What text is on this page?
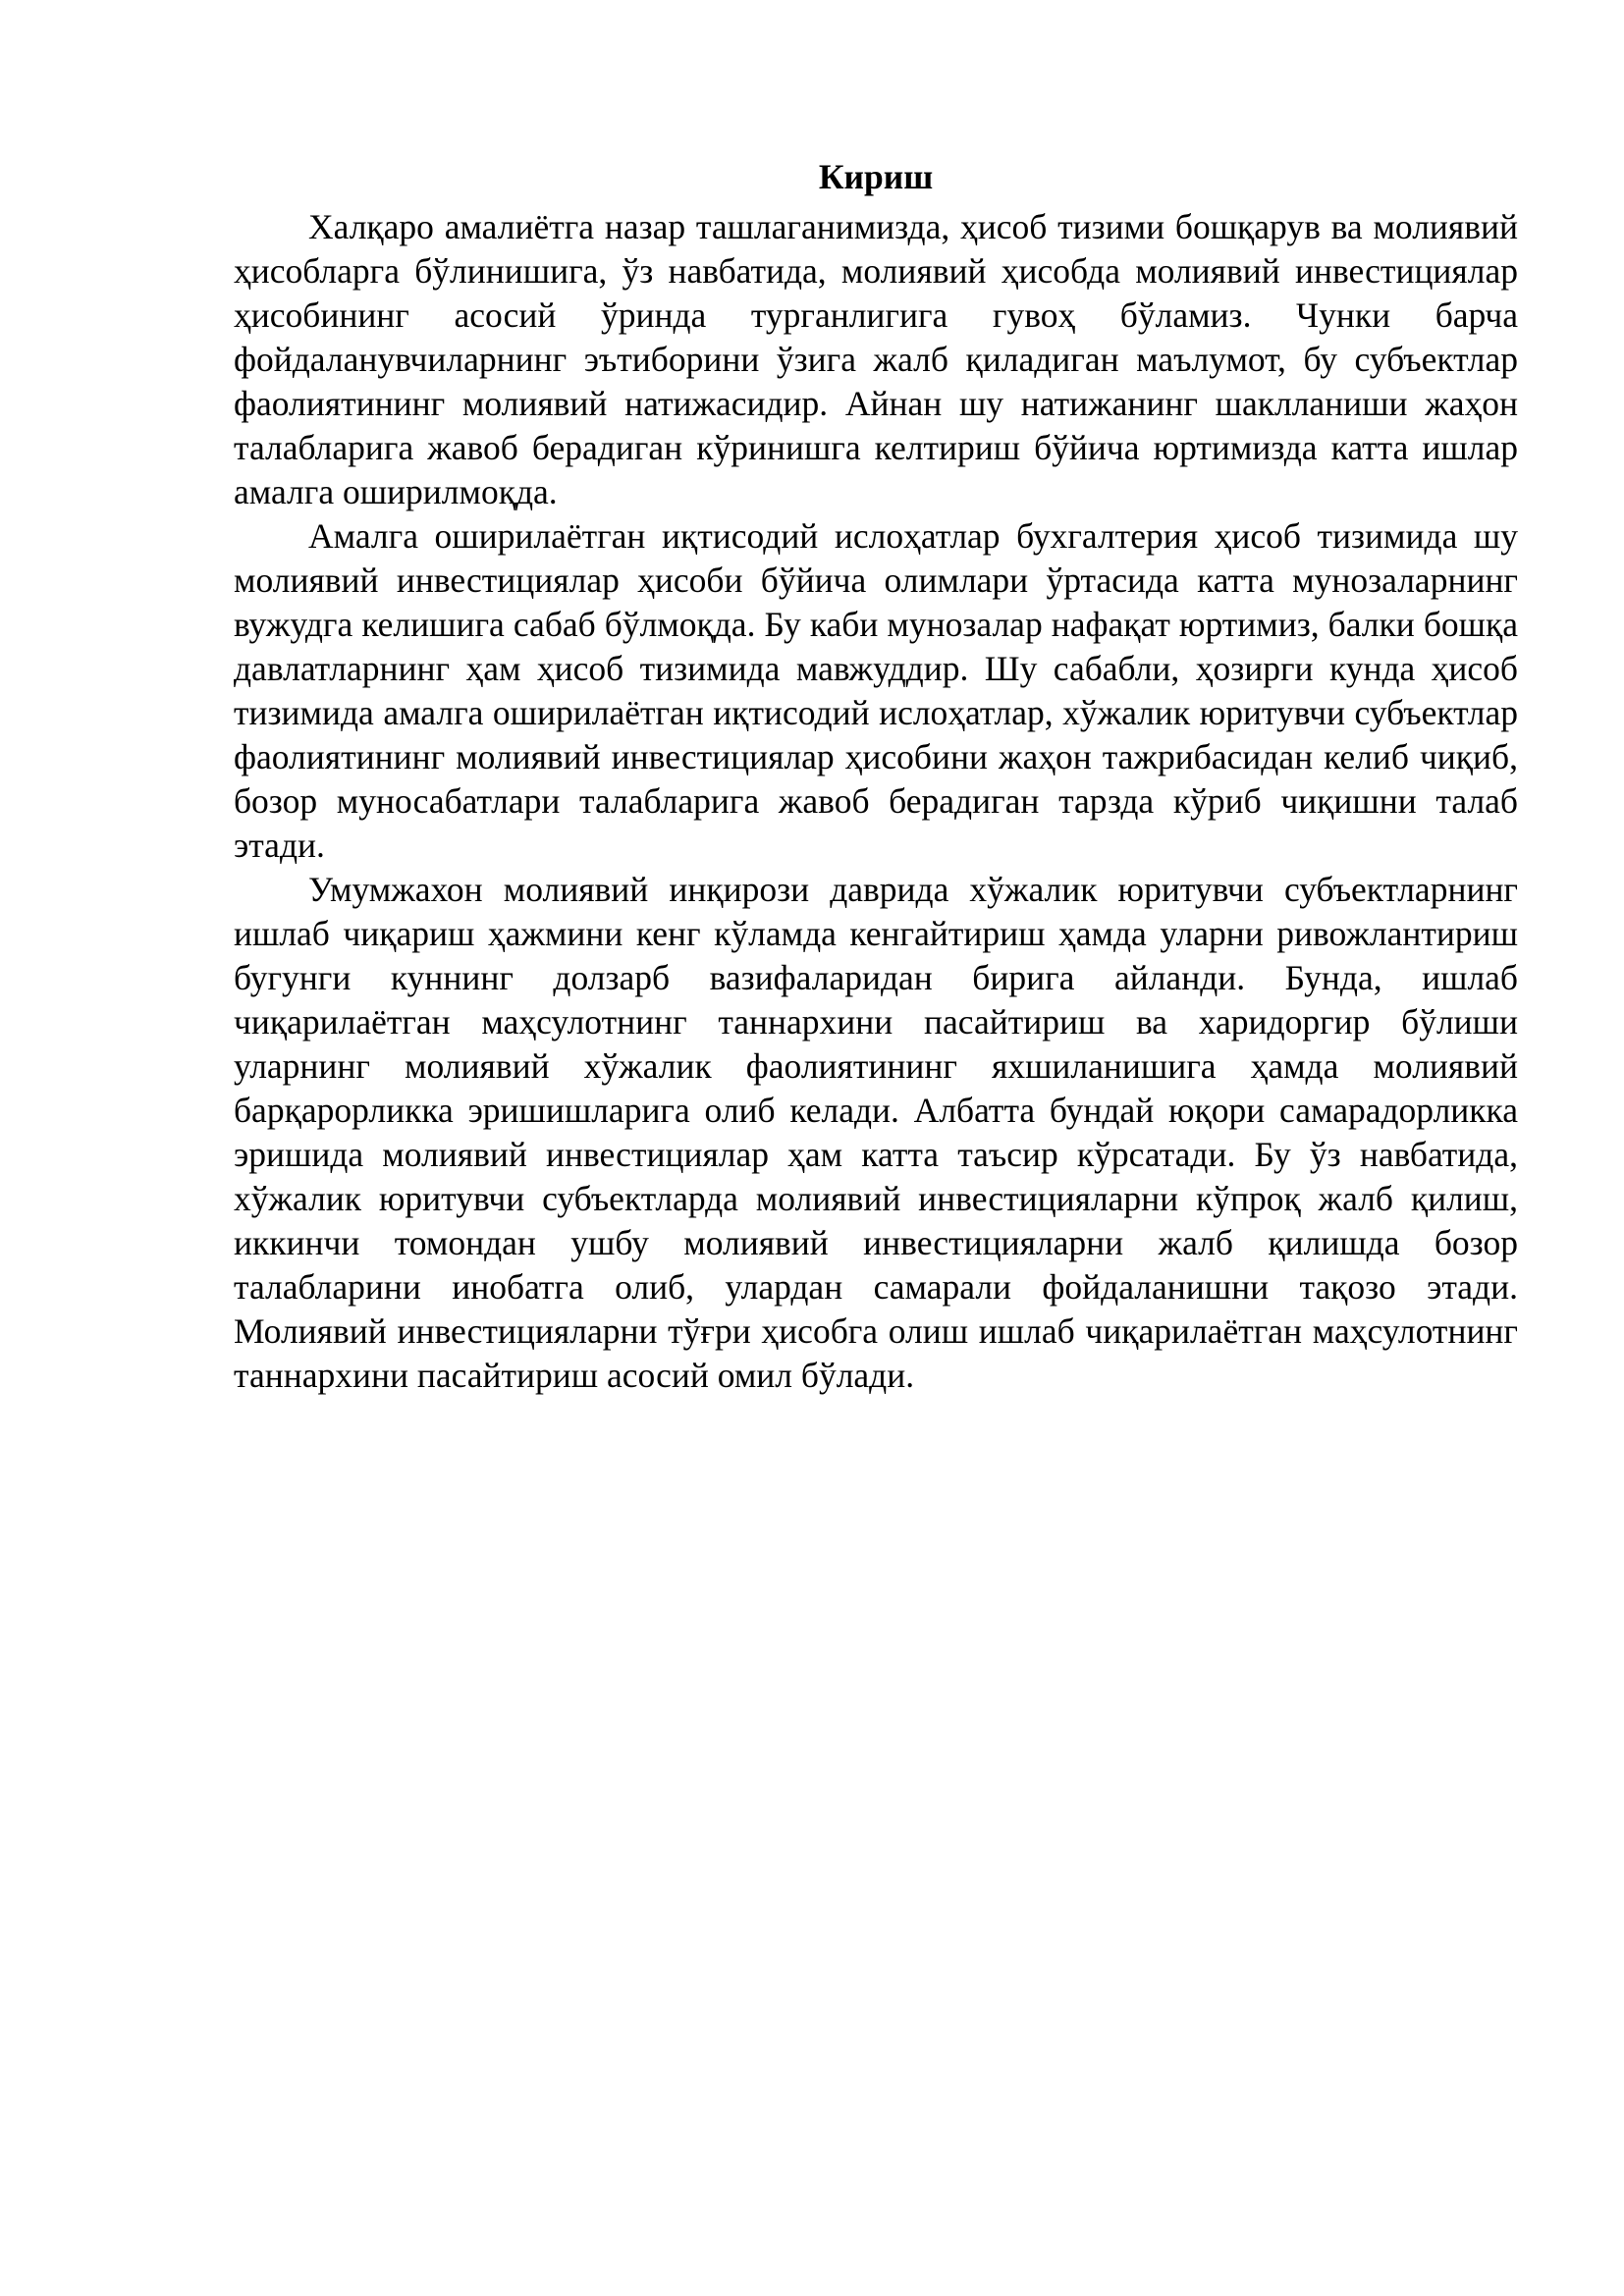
Кириш

Халқаро амалиётга назар ташлаганимизда, ҳисоб тизими бошқарув ва молиявий ҳисобларга бўлинишига, ўз навбатида, молиявий ҳисобда молиявий инвестициялар ҳисобининг асосий ўринда турганлигига гувоҳ бўламиз. Чунки барча фойдаланувчиларнинг эътиборини ўзига жалб қиладиган маълумот, бу субъектлар фаолиятининг молиявий натижасидир. Айнан шу натижанинг шаклланиши жаҳон талабларига жавоб берадиган кўринишга келтириш бўйича юртимизда катта ишлар амалга оширилмоқда.

Амалга оширилаётган иқтисодий ислоҳатлар бухгалтерия ҳисоб тизимида шу молиявий инвестициялар ҳисоби бўйича олимлари ўртасида катта мунозаларнинг вужудга келишига сабаб бўлмоқда. Бу каби мунозалар нафақат юртимиз, балки бошқа давлатларнинг ҳам ҳисоб тизимида мавжуддир. Шу сабабли, ҳозирги кунда ҳисоб тизимида амалга оширилаётган иқтисодий ислоҳатлар, хўжалик юритувчи субъектлар фаолиятининг молиявий инвестициялар ҳисобини жаҳон тажрибасидан келиб чиқиб, бозор муносабатлари талабларига жавоб берадиган тарзда кўриб чиқишни талаб этади.

Умумжахон молиявий инқирози даврида хўжалик юритувчи субъектларнинг ишлаб чиқариш ҳажмини кенг кўламда кенгайтириш ҳамда уларни ривожлантириш бугунги куннинг долзарб вазифаларидан бирига айланди. Бунда, ишлаб чиқарилаётган маҳсулотнинг таннархини пасайтириш ва харидоргир бўлиши уларнинг молиявий хўжалик фаолиятининг яхшиланишига ҳамда молиявий барқарорликка эришишларига олиб келади. Албатта бундай юқори самарадорликка эришида молиявий инвестициялар ҳам катта таъсир кўрсатади. Бу ўз навбатида, хўжалик юритувчи субъектларда молиявий инвестицияларни кўпроқ жалб қилиш, иккинчи томондан ушбу молиявий инвестицияларни жалб қилишда бозор талабларини инобатга олиб, улардан самарали фойдаланишни тақозо этади. Молиявий инвестицияларни тўғри ҳисобга олиш ишлаб чиқарилаётган маҳсулотнинг таннархини пасайтириш асосий омил бўлади.
